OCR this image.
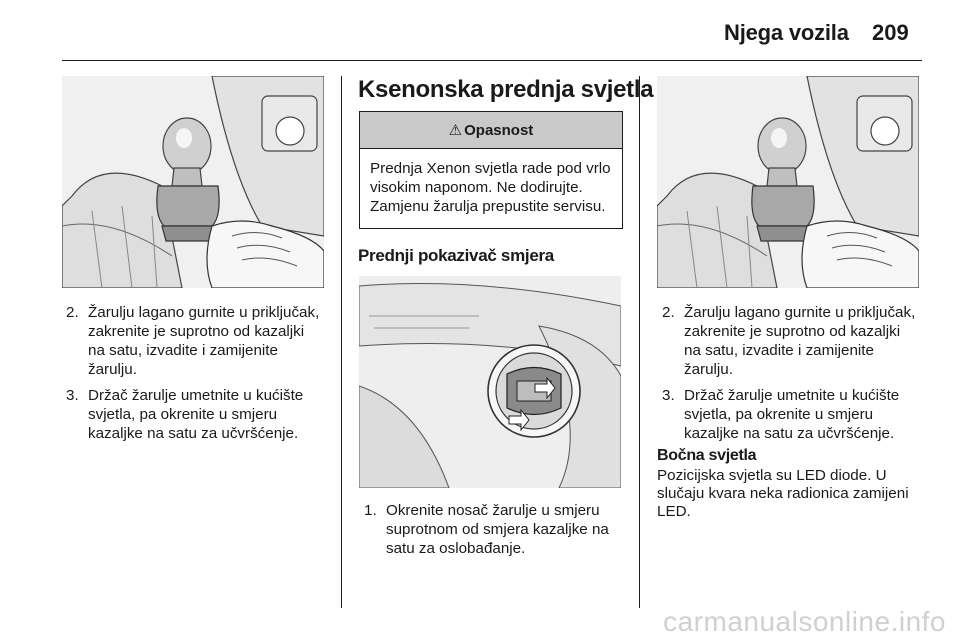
Njega vozila 209
2. Žarulju lagano gurnite u priključak, zakrenite je suprotno od kazaljki na satu, izvadite i zamijenite žarulju.
3. Držač žarulje umetnite u kućište svjetla, pa okrenite u smjeru kazaljke na satu za učvršćenje.
Ksenonska prednja svjetla
⚠ Opasnost
Prednja Xenon svjetla rade pod vrlo visokim naponom. Ne dodirujte. Zamjenu žarulja prepustite servisu.
Prednji pokazivač smjera
1. Okrenite nosač žarulje u smjeru suprotnom od smjera kazaljke na satu za oslobađanje.
2. Žarulju lagano gurnite u priključak, zakrenite je suprotno od kazaljki na satu, izvadite i zamijenite žarulju.
3. Držač žarulje umetnite u kućište svjetla, pa okrenite u smjeru kazaljke na satu za učvršćenje.
Bočna svjetla
Pozicijska svjetla su LED diode. U slučaju kvara neka radionica zamijeni LED.
carmanualsonline.info
